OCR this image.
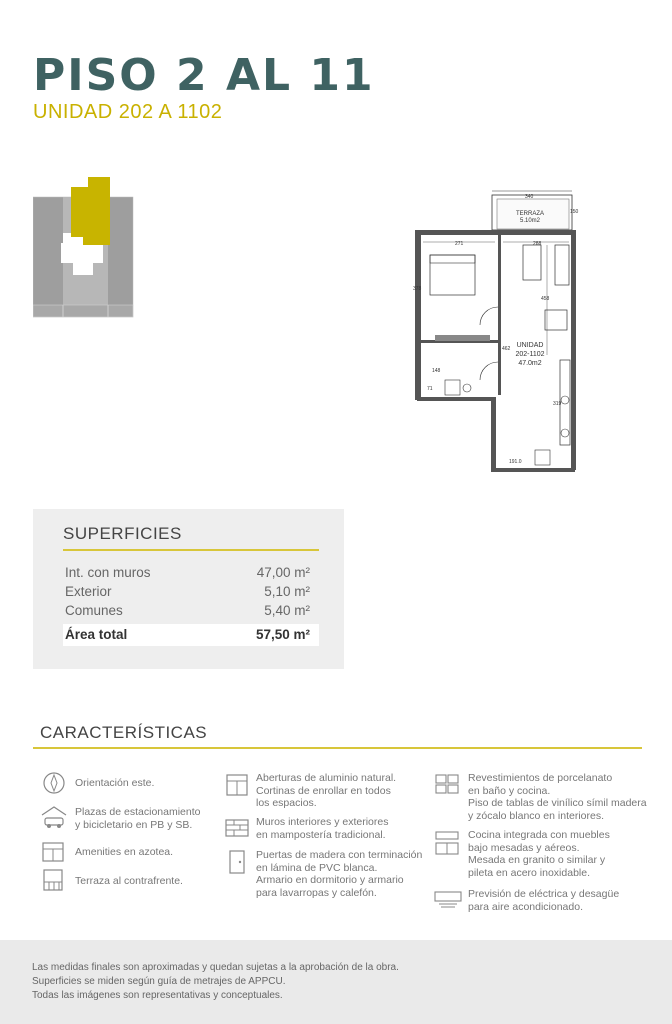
PISO 2 AL 11
UNIDAD 202 A 1102
340
150
271	288
378
458
462
319
148
71
191.0
TERRAZA
5.10m2
UNIDAD
202-1102
47.0m2
SUPERFICIES
Int. con muros	47,00 m²
Exterior	5,10 m²
Comunes	5,40 m²
Área total	57,50 m²
CARACTERÍSTICAS
Orientación este.
Plazas de estacionamiento
y bicicletario en PB y SB.
Amenities en azotea.
Terraza al contrafrente.
Aberturas de aluminio natural.
Cortinas de enrollar en todos
los espacios.
Muros interiores y exteriores
en mampostería tradicional.
Puertas de madera con terminación
en lámina de PVC blanca.
Armario en dormitorio y armario
para lavarropas y calefón.
Revestimientos de porcelanato
en baño y cocina.
Piso de tablas de vinílico símil madera
y zócalo blanco en interiores.
Cocina integrada con muebles
bajo mesadas y aéreos.
Mesada en granito o similar y
pileta en acero inoxidable.
Previsión de eléctrica y desagüe
para aire acondicionado.
Las medidas finales son aproximadas y quedan sujetas a la aprobación de la obra.
Superficies se miden según guía de metrajes de APPCU.
Todas las imágenes son representativas y conceptuales.
